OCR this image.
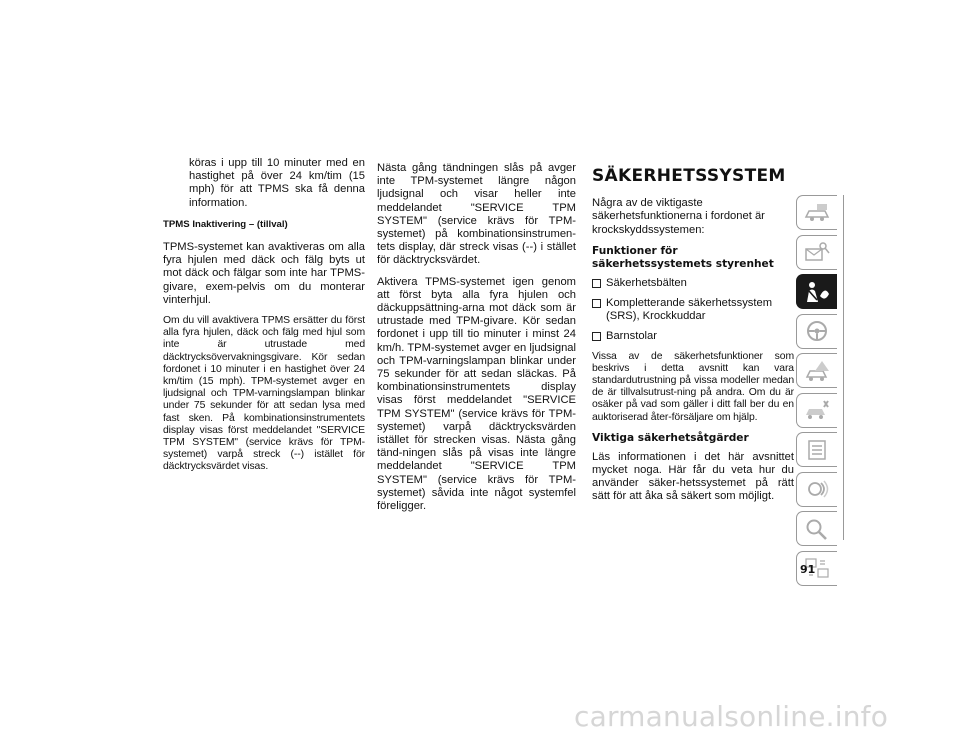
köras i upp till 10 minuter med en hastighet på över 24 km/tim (15 mph) för att TPMS ska få denna information.

TPMS Inaktivering – (tillval)

TPMS-systemet kan avaktiveras om alla fyra hjulen med däck och fälg byts ut mot däck och fälgar som inte har TPMS-givare, exem-pelvis om du monterar vinterhjul.

Om du vill avaktivera TPMS ersätter du först alla fyra hjulen, däck och fälg med hjul som inte är utrustade med däcktrycksövervakningsgivare. Kör sedan fordonet i 10 minuter i en hastighet över 24 km/tim (15 mph). TPM-systemet avger en ljudsignal och TPM-varningslampan blinkar under 75 sekunder för att sedan lysa med fast sken. På kombinationsinstrumentets display visas först meddelandet "SERVICE TPM SYSTEM" (service krävs för TPM-systemet) varpå streck (--) istället för däcktrycksvärdet visas.

Nästa gång tändningen slås på avger inte TPM-systemet längre någon ljudsignal och visar heller inte meddelandet "SERVICE TPM SYSTEM" (service krävs för TPM-systemet) på kombinationsinstrumen-tets display, där streck visas (--) i stället för däcktrycksvärdet.

Aktivera TPMS-systemet igen genom att först byta alla fyra hjulen och däckuppsättning-arna mot däck som är utrustade med TPM-givare. Kör sedan fordonet i upp till tio minuter i minst 24 km/h. TPM-systemet avger en ljudsignal och TPM-varningslampan blinkar under 75 sekunder för att sedan släckas. På kombinationsinstrumentets display visas först meddelandet "SERVICE TPM SYSTEM" (service krävs för TPM-systemet) varpå däcktrycksvärden istället för strecken visas. Nästa gång tänd-ningen slås på visas inte längre meddelandet "SERVICE TPM SYSTEM" (service krävs för TPM-systemet) såvida inte något systemfel föreligger.

SÄKERHETSSYSTEM

Några av de viktigaste säkerhetsfunktionerna i fordonet är krockskyddssystemen:

Funktioner för säkerhetssystemets styrenhet
Säkerhetsbälten
Kompletterande säkerhetssystem (SRS), Krockkuddar
Barnstolar

Vissa av de säkerhetsfunktioner som beskrivs i detta avsnitt kan vara standardutrustning på vissa modeller medan de är tillvalsutrust-ning på andra. Om du är osäker på vad som gäller i ditt fall ber du en auktoriserad åter-försäljare om hjälp.

Viktiga säkerhetsåtgärder

Läs informationen i det här avsnittet mycket noga. Här får du veta hur du använder säker-hetssystemet på rätt sätt för att åka så säkert som möjligt.

91
carmanualsonline.info
